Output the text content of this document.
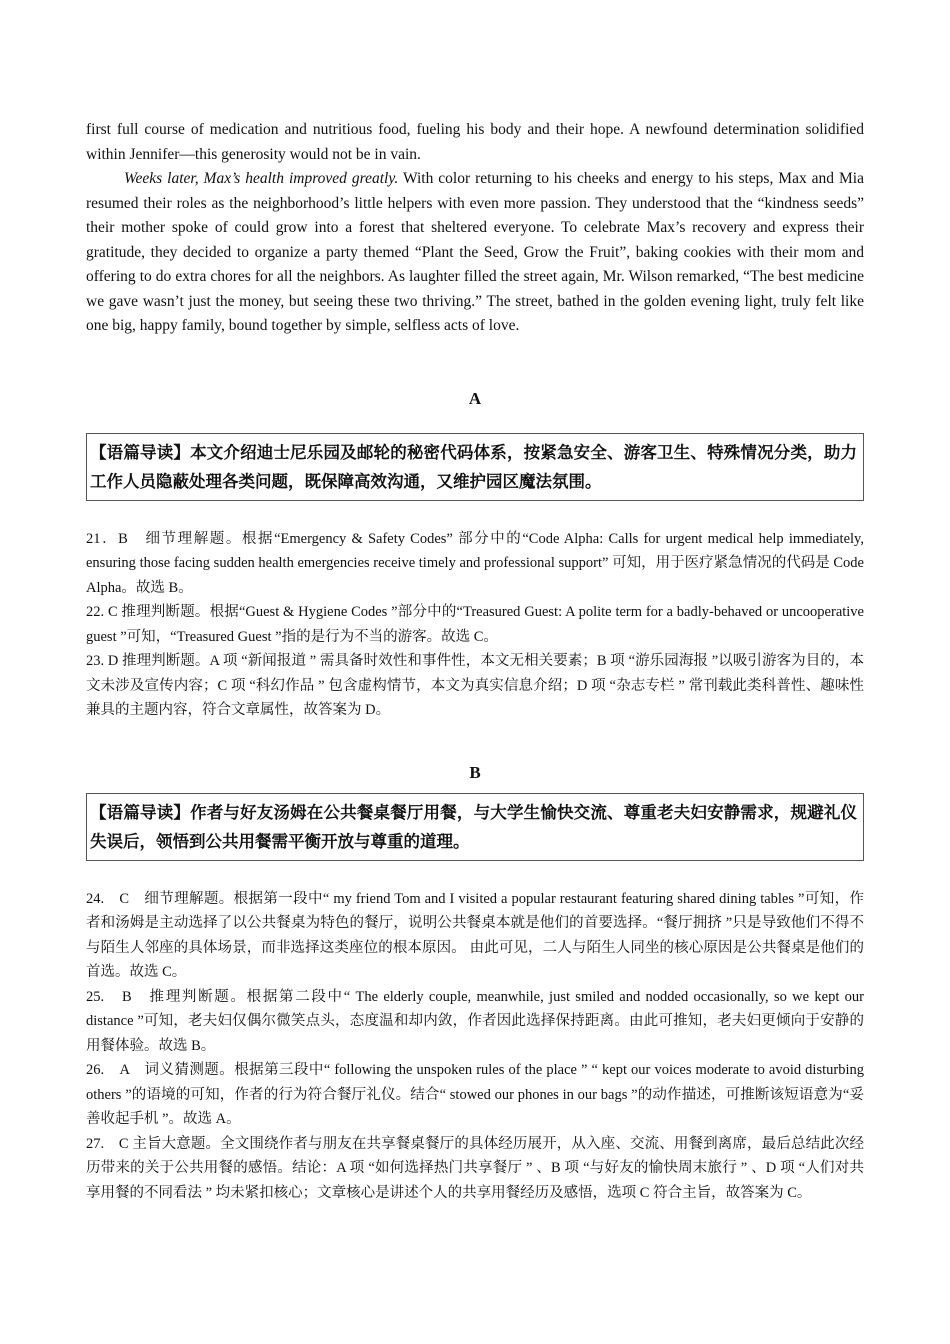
first full course of medication and nutritious food, fueling his body and their hope. A newfound determination solidified within Jennifer—this generosity would not be in vain.

Weeks later, Max’s health improved greatly. With color returning to his cheeks and energy to his steps, Max and Mia resumed their roles as the neighborhood’s little helpers with even more passion. They understood that the “kindness seeds” their mother spoke of could grow into a forest that sheltered everyone. To celebrate Max’s recovery and express their gratitude, they decided to organize a party themed “Plant the Seed, Grow the Fruit”, baking cookies with their mom and offering to do extra chores for all the neighbors. As laughter filled the street again, Mr. Wilson remarked, “The best medicine we gave wasn’t just the money, but seeing these two thriving.” The street, bathed in the golden evening light, truly felt like one big, happy family, bound together by simple, selfless acts of love.

A

【语篇导读】本文介绍迪士尼乐园及邮轮的秘密代码体系，按紧急安全、游客卫生、特殊情况分类，助力工作人员隐蔽处理各类问题，既保障高效沟通，又维护园区魔法氛围。

21．B　细节理解题。根据“Emergency & Safety Codes” 部分中的“Code Alpha: Calls for urgent medical help immediately, ensuring those facing sudden health emergencies receive timely and professional support” 可知，用于医疗紧急情况的代码是 Code Alpha。故选 B。

22. C 推理判断题。根据“Guest & Hygiene Codes ”部分中的“Treasured Guest: A polite term for a badly-behaved or uncooperative guest ”可知，“Treasured Guest ”指的是行为不当的游客。故选 C。

23. D 推理判断题。A 项 “新闻报道 ” 需具备时效性和事件性，本文无相关要素；B 项 “游乐园海报 ”以吸引游客为目的，本文未涉及宣传内容；C 项 “科幻作品 ” 包含虚构情节，本文为真实信息介绍；D 项 “杂志专栏 ” 常刊载此类科普性、趣味性兼具的主题内容，符合文章属性，故答案为 D。

B

【语篇导读】作者与好友汤姆在公共餐桌餐厅用餐，与大学生愉快交流、尊重老夫妇安静需求，规避礼仪失误后，领悟到公共用餐需平衡开放与尊重的道理。

24.　C　细节理解题。根据第一段中“ my friend Tom and I visited a popular restaurant featuring shared dining tables ”可知，作者和汤姆是主动选择了以公共餐桌为特色的餐厅，说明公共餐桌本就是他们的首要选择。“餐厅拥挤 ”只是导致他们不得不与陌生人邻座的具体场景，而非选择这类座位的根本原因。 由此可见，二人与陌生人同坐的核心原因是公共餐桌是他们的首选。故选 C。

25.　B　推理判断题。根据第二段中“ The elderly couple, meanwhile, just smiled and nodded occasionally, so we kept our distance ”可知，老夫妇仅偶尔微笑点头，态度温和却内敛，作者因此选择保持距离。由此可推知，老夫妇更倾向于安静的用餐体验。故选 B。

26.　A　词义猜测题。根据第三段中“ following the unspoken rules of the place ” “ kept our voices moderate to avoid disturbing others ”的语境的可知，作者的行为符合餐厅礼仪。结合“ stowed our phones in our bags ”的动作描述，可推断该短语意为“妥善收起手机 ”。故选 A。

27.　C 主旨大意题。全文围绕作者与朋友在共享餐桌餐厅的具体经历展开，从入座、交流、用餐到离席，最后总结此次经历带来的关于公共用餐的感悟。结论：A 项 “如何选择热门共享餐厅 ” 、B 项 “与好友的愉快周末旅行 ” 、D 项 “人们对共享用餐的不同看法 ” 均未紧扣核心；文章核心是讲述个人的共享用餐经历及感悟，选项 C 符合主旨，故答案为 C。
